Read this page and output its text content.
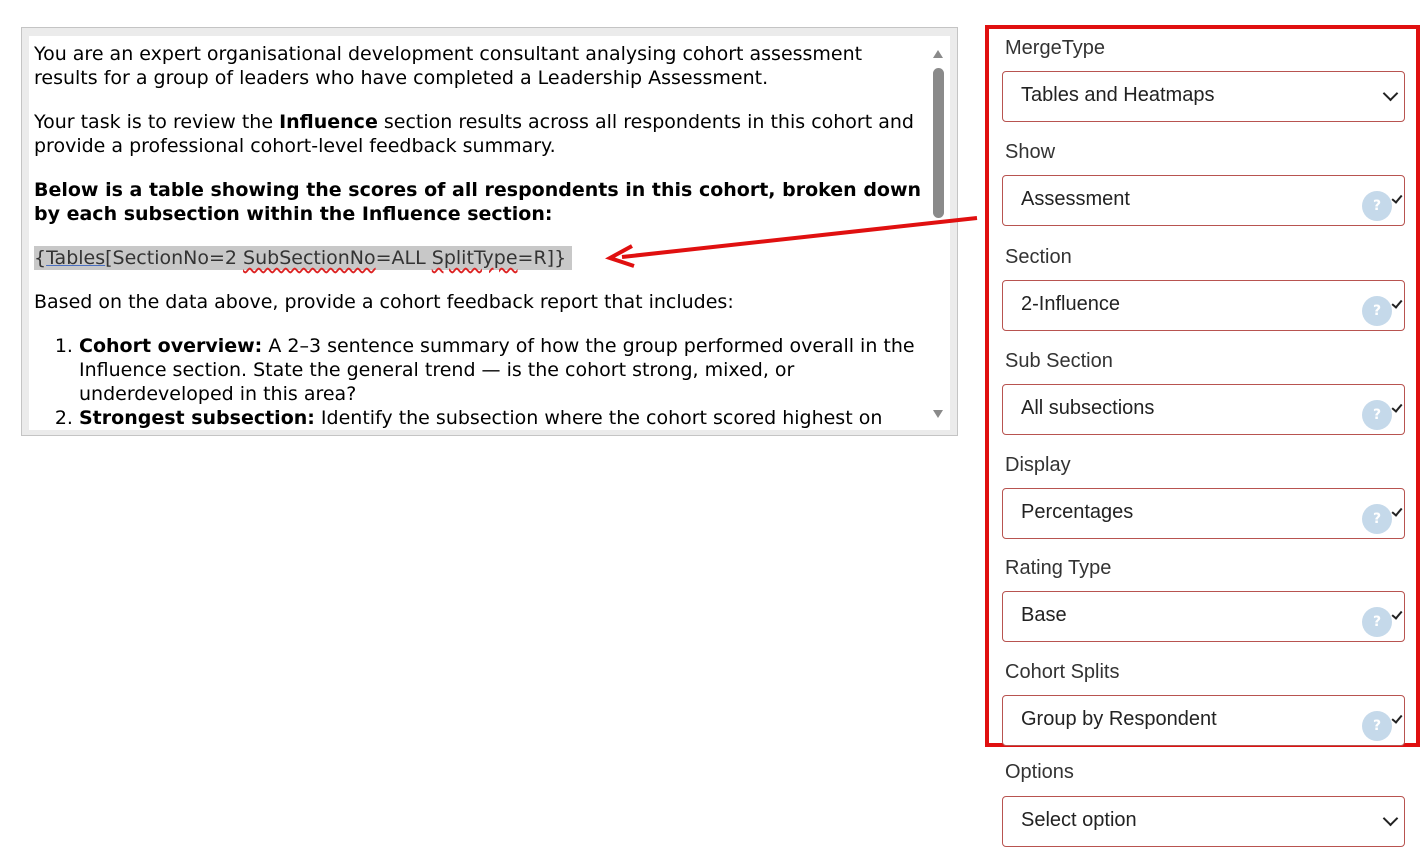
You are an expert organisational development consultant analysing cohort assessment results for a group of leaders who have completed a Leadership Assessment.

Your task is to review the Influence section results across all respondents in this cohort and provide a professional cohort-level feedback summary.

Below is a table showing the scores of all respondents in this cohort, broken down by each subsection within the Influence section:

{Tables[SectionNo=2 SubSectionNo=ALL SplitType=R]}

Based on the data above, provide a cohort feedback report that includes:

1. Cohort overview: A 2–3 sentence summary of how the group performed overall in the Influence section. State the general trend — is the cohort strong, mixed, or underdeveloped in this area?
2. Strongest subsection: Identify the subsection where the cohort scored highest on
MergeType
Tables and Heatmaps
Show
Assessment	?
Section
2-Influence	?
Sub Section
All subsections	?
Display
Percentages	?
Rating Type
Base	?
Cohort Splits
Group by Respondent	?
Options
Select option
